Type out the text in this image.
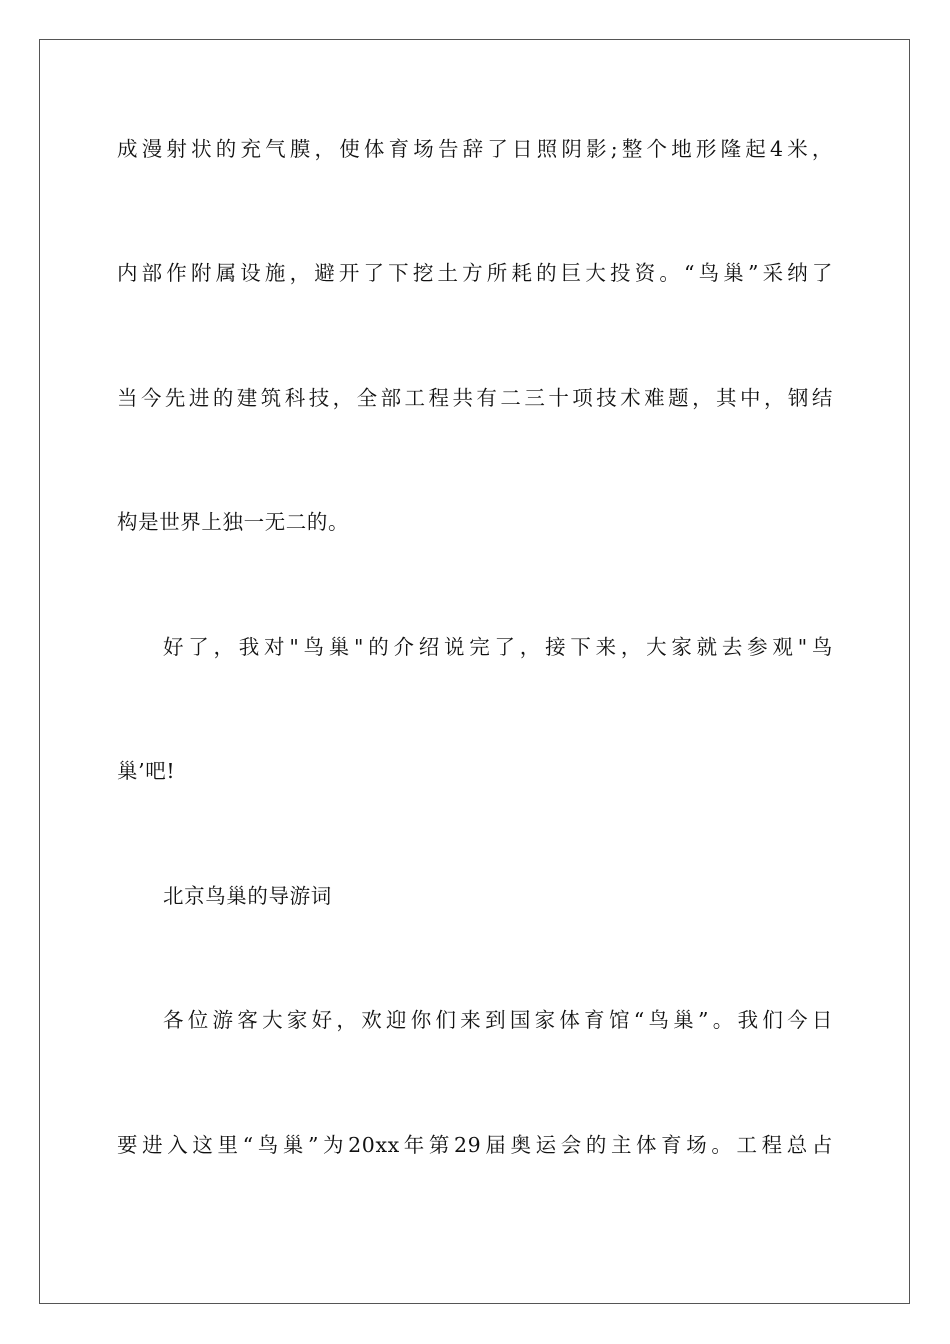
成漫射状的充气膜，使体育场告辞了日照阴影;整个地形隆起4米，
内部作附属设施，避开了下挖土方所耗的巨大投资。“鸟巢”采纳了
当今先进的建筑科技，全部工程共有二三十项技术难题，其中，钢结
构是世界上独一无二的。
好了，我对"鸟巢"的介绍说完了，接下来，大家就去参观"鸟
巢’吧!
北京鸟巢的导游词
各位游客大家好，欢迎你们来到国家体育馆“鸟巢”。我们今日
要进入这里“鸟巢”为20xx年第29届奥运会的主体育场。工程总占
